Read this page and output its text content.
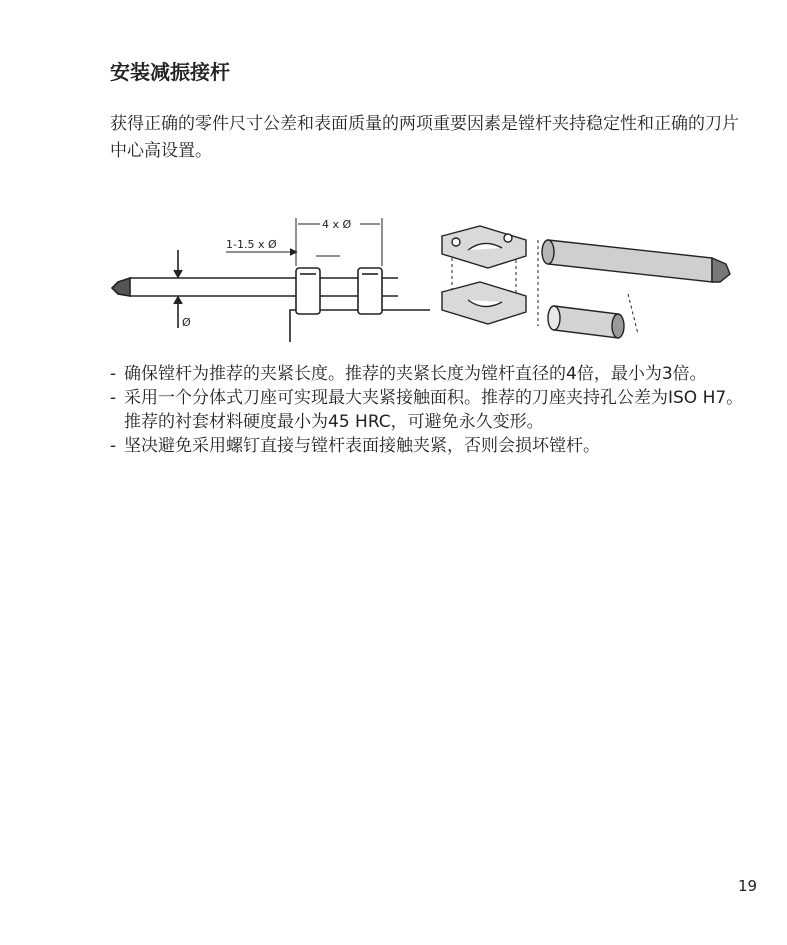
安装减振接杆

获得正确的零件尺寸公差和表面质量的两项重要因素是镗杆夹持稳定性和正确的刀片中心高设置。

4 x Ø
1-1.5 x Ø
Ø
- 确保镗杆为推荐的夹紧长度。推荐的夹紧长度为镗杆直径的4倍，最小为3倍。
- 采用一个分体式刀座可实现最大夹紧接触面积。推荐的刀座夹持孔公差为ISO H7。推荐的衬套材料硬度最小为45 HRC，可避免永久变形。
- 坚决避免采用螺钉直接与镗杆表面接触夹紧，否则会损坏镗杆。
19
